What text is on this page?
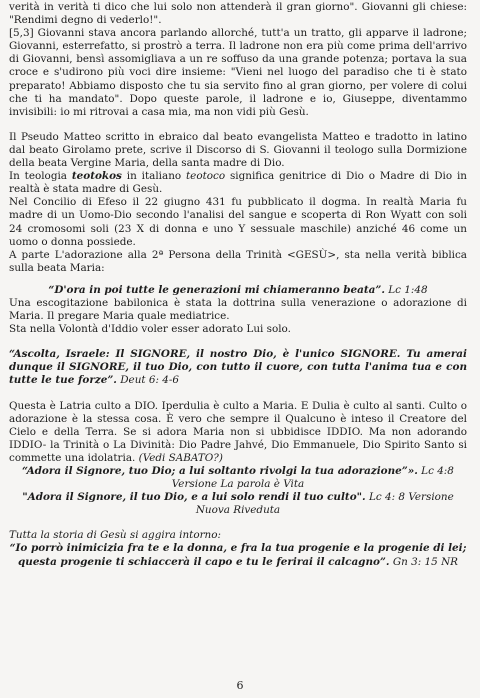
verità in verità ti dico che lui solo non attenderà il gran giorno". Giovanni gli chiese: "Rendimi degno di vederlo!".

[5,3] Giovanni stava ancora parlando allorché, tutt'a un tratto, gli apparve il ladrone; Giovanni, esterrefatto, si prostrò a terra. Il ladrone non era più come prima dell'arrivo di Giovanni, bensì assomigliava a un re soffuso da una grande potenza; portava la sua croce e s'udirono più voci dire insieme: "Vieni nel luogo del paradiso che ti è stato preparato! Abbiamo disposto che tu sia servito fino al gran giorno, per volere di colui che ti ha mandato". Dopo queste parole, il ladrone e io, Giuseppe, diventammo invisibili: io mi ritrovai a casa mia, ma non vidi più Gesù.

Il Pseudo Matteo scritto in ebraico dal beato evangelista Matteo e tradotto in latino dal beato Girolamo prete, scrive il Discorso di S. Giovanni il teologo sulla Dormizione della beata Vergine Maria, della santa madre di Dio.

In teologia teotokos in italiano teotoco significa genitrice di Dio o Madre di Dio in realtà è stata madre di Gesù.

Nel Concilio di Efeso il 22 giugno 431 fu pubblicato il dogma. In realtà Maria fu madre di un Uomo-Dio secondo l'analisi del sangue e scoperta di Ron Wyatt con soli 24 cromosomi soli (23 X di donna e uno Y sessuale maschile) anziché 46 come un uomo o donna possiede.

A parte L'adorazione alla 2ª Persona della Trinità <GESÙ>, sta nella verità biblica sulla beata Maria:

“D'ora in poi tutte le generazioni mi chiameranno beata”. Lc 1:48

Una escogitazione babilonica è stata la dottrina sulla venerazione o adorazione di Maria. Il pregare Maria quale mediatrice.

Sta nella Volontà d'Iddio voler esser adorato Lui solo.

“Ascolta, Israele: Il SIGNORE, il nostro Dio, è l'unico SIGNORE. Tu amerai dunque il SIGNORE, il tuo Dio, con tutto il cuore, con tutta l'anima tua e con tutte le tue forze”. Deut 6: 4-6

Questa è Latria culto a DIO. Iperdulia è culto a Maria. E Dulia è culto al santi. Culto o adorazione è la stessa cosa. È vero che sempre il Qualcuno è inteso il Creatore del Cielo e della Terra. Se si adora Maria non si ubbidisce IDDIO. Ma non adorando IDDIO- la Trinità o La Divinità: Dio Padre Jahvé, Dio Emmanuele, Dio Spirito Santo si commette una idolatria. (Vedi SABATO?)

“Adora il Signore, tuo Dio; a lui soltanto rivolgi la tua adorazione”». Lc 4:8 Versione La parola è Vita

"Adora il Signore, il tuo Dio, e a lui solo rendi il tuo culto". Lc 4: 8 Versione Nuova Riveduta

Tutta la storia di Gesù si aggira intorno:

“Io porrò inimicizia fra te e la donna, e fra la tua progenie e la progenie di lei; questa progenie ti schiaccerà il capo e tu le ferirai il calcagno”. Gn 3: 15 NR

6
